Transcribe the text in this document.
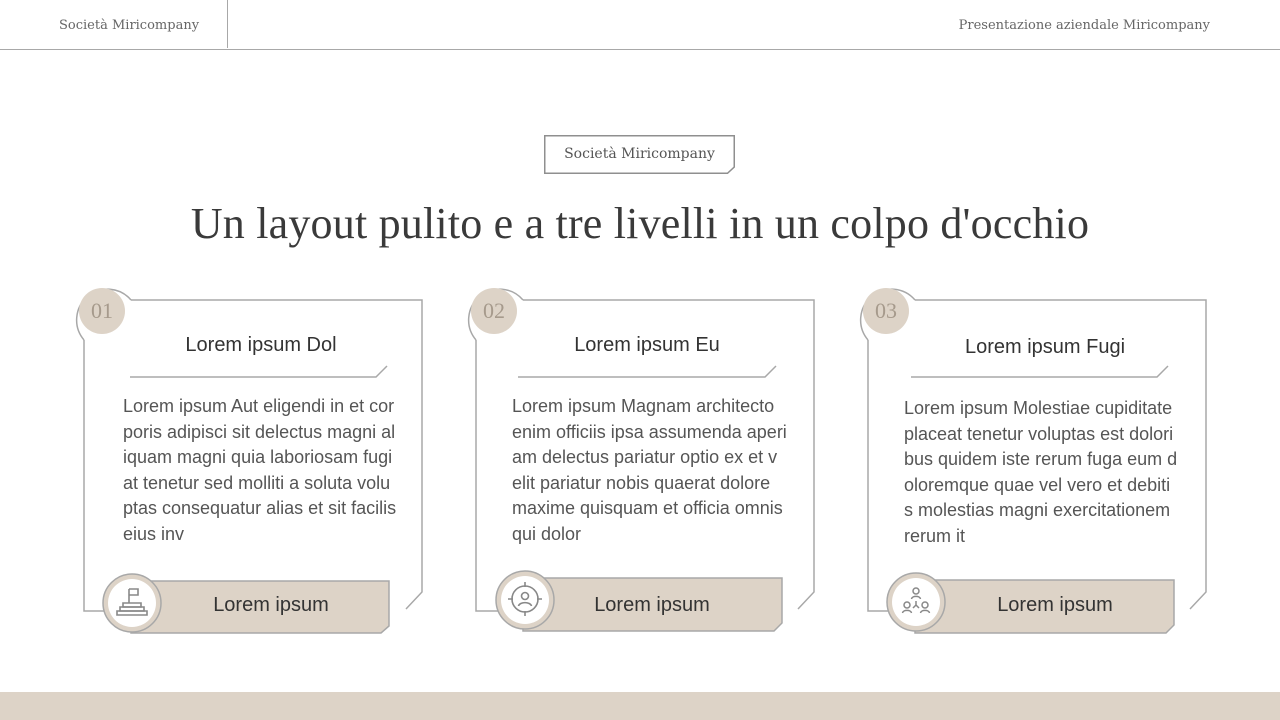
Società Miricompany	Presentazione aziendale Miricompany
Società Miricompany
Un layout pulito e a tre livelli in un colpo d'occhio
01
Lorem ipsum Dol
Lorem ipsum Aut eligendi in et corporis adipisci sit delectus magni aliquam magni quia laboriosam fugiat tenetur sed molliti a soluta voluptas consequatur alias et sit facilis eius inv
Lorem ipsum
02
Lorem ipsum Eu
Lorem ipsum Magnam architecto enim officiis ipsa assumenda aperiam delectus pariatur optio ex et velit pariatur nobis quaerat dolore maxime quisquam et officia omnis qui dolor
Lorem ipsum
03
Lorem ipsum Fugi
Lorem ipsum Molestiae cupiditate placeat tenetur voluptas est doloribus quidem iste rerum fuga eum doloremque quae vel vero et debitis molestias magni exercitationem rerum it
Lorem ipsum
